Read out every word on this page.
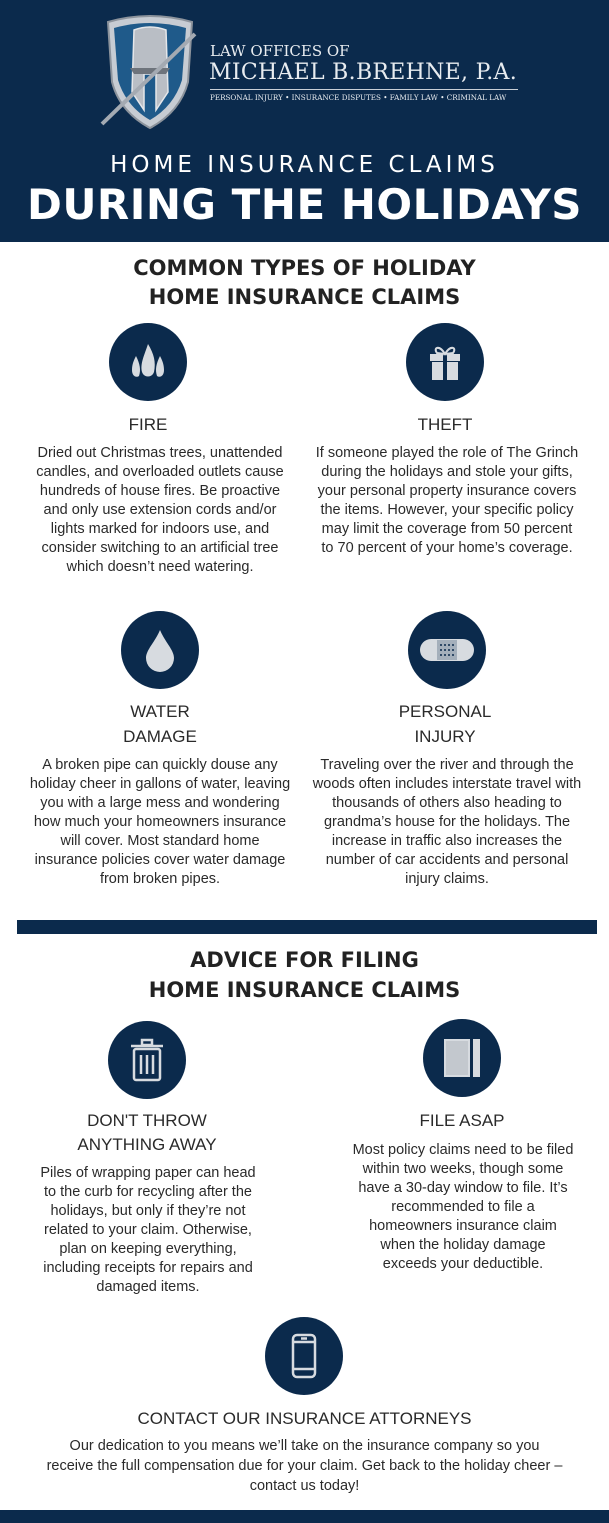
LAW OFFICES OF
MICHAEL B.BREHNE, P.A.
PERSONAL INJURY • INSURANCE DISPUTES • FAMILY LAW • CRIMINAL LAW
HOME INSURANCE CLAIMS
DURING THE HOLIDAYS
COMMON TYPES OF HOLIDAY
HOME INSURANCE CLAIMS
FIRE
Dried out Christmas trees, unattended candles, and overloaded outlets cause hundreds of house fires. Be proactive and only use extension cords and/or lights marked for indoors use, and consider switching to an artificial tree which doesn’t need watering.
THEFT
If someone played the role of The Grinch during the holidays and stole your gifts, your personal property insurance covers the items. However, your specific policy may limit the coverage from 50 percent to 70 percent of your home’s coverage.
WATER
DAMAGE
A broken pipe can quickly douse any holiday cheer in gallons of water, leaving you with a large mess and wondering how much your homeowners insurance will cover. Most standard home insurance policies cover water damage from broken pipes.
PERSONAL
INJURY
Traveling over the river and through the woods often includes interstate travel with thousands of others also heading to grandma’s house for the holidays. The increase in traffic also increases the number of car accidents and personal injury claims.
ADVICE FOR FILING
HOME INSURANCE CLAIMS
DON'T THROW
ANYTHING AWAY
Piles of wrapping paper can head to the curb for recycling after the holidays, but only if they’re not related to your claim. Otherwise, plan on keeping everything, including receipts for repairs and damaged items.
FILE ASAP
Most policy claims need to be filed within two weeks, though some have a 30-day window to file. It’s recommended to file a homeowners insurance claim when the holiday damage exceeds your deductible.
CONTACT OUR INSURANCE ATTORNEYS
Our dedication to you means we’ll take on the insurance company so you receive the full compensation due for your claim. Get back to the holiday cheer – contact us today!
